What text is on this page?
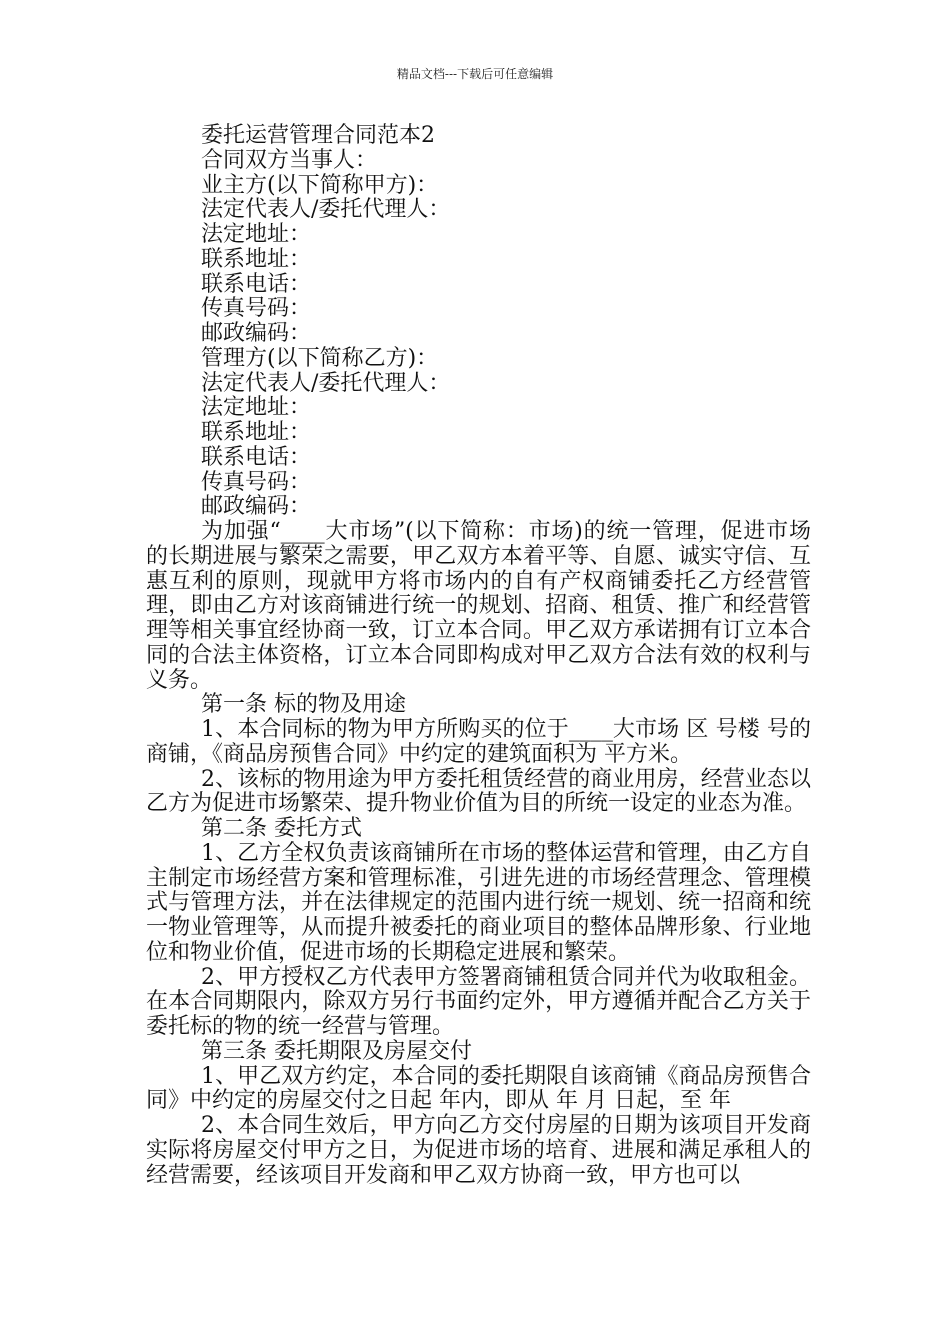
精品文档---下载后可任意编辑
委托运营管理合同范本2
合同双方当事人：
业主方(以下简称甲方)：
法定代表人/委托代理人：
法定地址：
联系地址：
联系电话：
传真号码：
邮政编码：
管理方(以下简称乙方)：
法定代表人/委托代理人：
法定地址：
联系地址：
联系电话：
传真号码：
邮政编码：

为加强“____大市场”(以下简称：市场)的统一管理，促进市场的长期进展与繁荣之需要，甲乙双方本着平等、自愿、诚实守信、互惠互利的原则，现就甲方将市场内的自有产权商铺委托乙方经营管理，即由乙方对该商铺进行统一的规划、招商、租赁、推广和经营管理等相关事宜经协商一致，订立本合同。甲乙双方承诺拥有订立本合同的合法主体资格，订立本合同即构成对甲乙双方合法有效的权利与义务。

第一条 标的物及用途

1、本合同标的物为甲方所购买的位于____大市场 区 号楼 号的商铺，《商品房预售合同》中约定的建筑面积为 平方米。

2、该标的物用途为甲方委托租赁经营的商业用房，经营业态以乙方为促进市场繁荣、提升物业价值为目的所统一设定的业态为准。

第二条 委托方式

1、乙方全权负责该商铺所在市场的整体运营和管理，由乙方自主制定市场经营方案和管理标准，引进先进的市场经营理念、管理模式与管理方法，并在法律规定的范围内进行统一规划、统一招商和统一物业管理等，从而提升被委托的商业项目的整体品牌形象、行业地位和物业价值，促进市场的长期稳定进展和繁荣。

2、甲方授权乙方代表甲方签署商铺租赁合同并代为收取租金。在本合同期限内，除双方另行书面约定外，甲方遵循并配合乙方关于委托标的物的统一经营与管理。

第三条 委托期限及房屋交付

1、甲乙双方约定，本合同的委托期限自该商铺《商品房预售合同》中约定的房屋交付之日起 年内，即从 年 月 日起，至 年

2、本合同生效后，甲方向乙方交付房屋的日期为该项目开发商实际将房屋交付甲方之日，为促进市场的培育、进展和满足承租人的经营需要，经该项目开发商和甲乙双方协商一致，甲方也可以
